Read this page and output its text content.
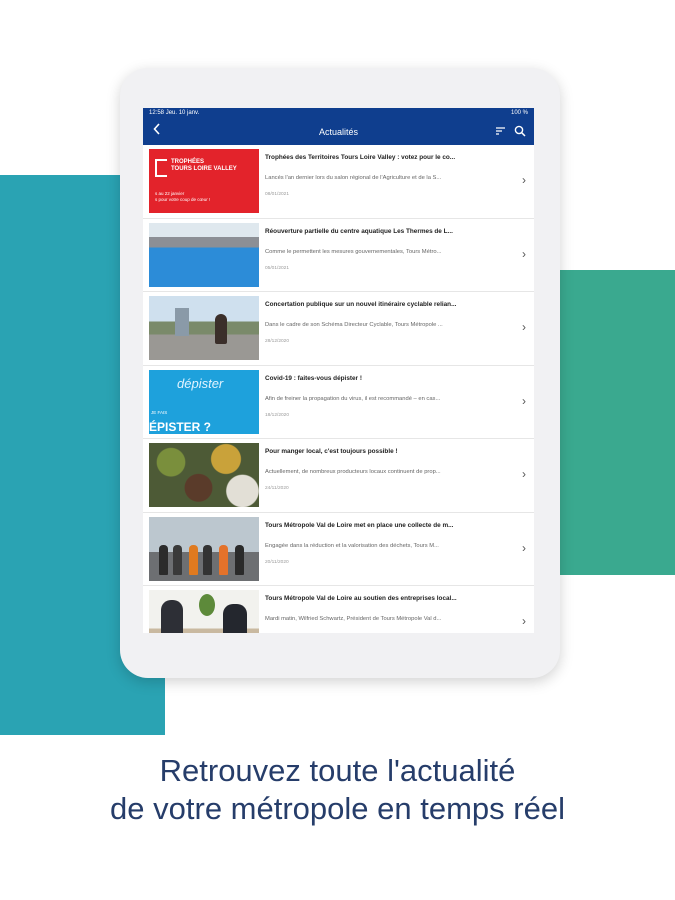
12:58 Jeu. 10 janv.	100 %
Actualités
TROPHÉES
TOURS LOIRE VALLEY
s au 22 janvier
s pour votre coup de cœur !
Trophées des Territoires Tours Loire Valley : votez pour le co...
Lancés l'an dernier lors du salon régional de l'Agriculture et de la S...
08/01/2021
›
Réouverture partielle du centre aquatique Les Thermes de L...
Comme le permettent les mesures gouvernementales, Tours Métro...
05/01/2021
›
Concertation publique sur un nouvel itinéraire cyclable relian...
Dans le cadre de son Schéma Directeur Cyclable, Tours Métropole ...
28/12/2020
›
dépister
JE FAIS
ÉPISTER ?
Covid-19 : faites-vous dépister !
Afin de freiner la propagation du virus, il est recommandé – en cas...
18/12/2020
›
Pour manger local, c'est toujours possible !
Actuellement, de nombreux producteurs locaux continuent de prop...
24/11/2020
›
Tours Métropole Val de Loire met en place une collecte de m...
Engagée dans la réduction et la valorisation des déchets, Tours M...
20/11/2020
›
Tours Métropole Val de Loire au soutien des entreprises local...
Mardi matin, Wilfried Schwartz, Président de Tours Métropole Val d...	›
Retrouvez toute l'actualité
de votre métropole en temps réel
